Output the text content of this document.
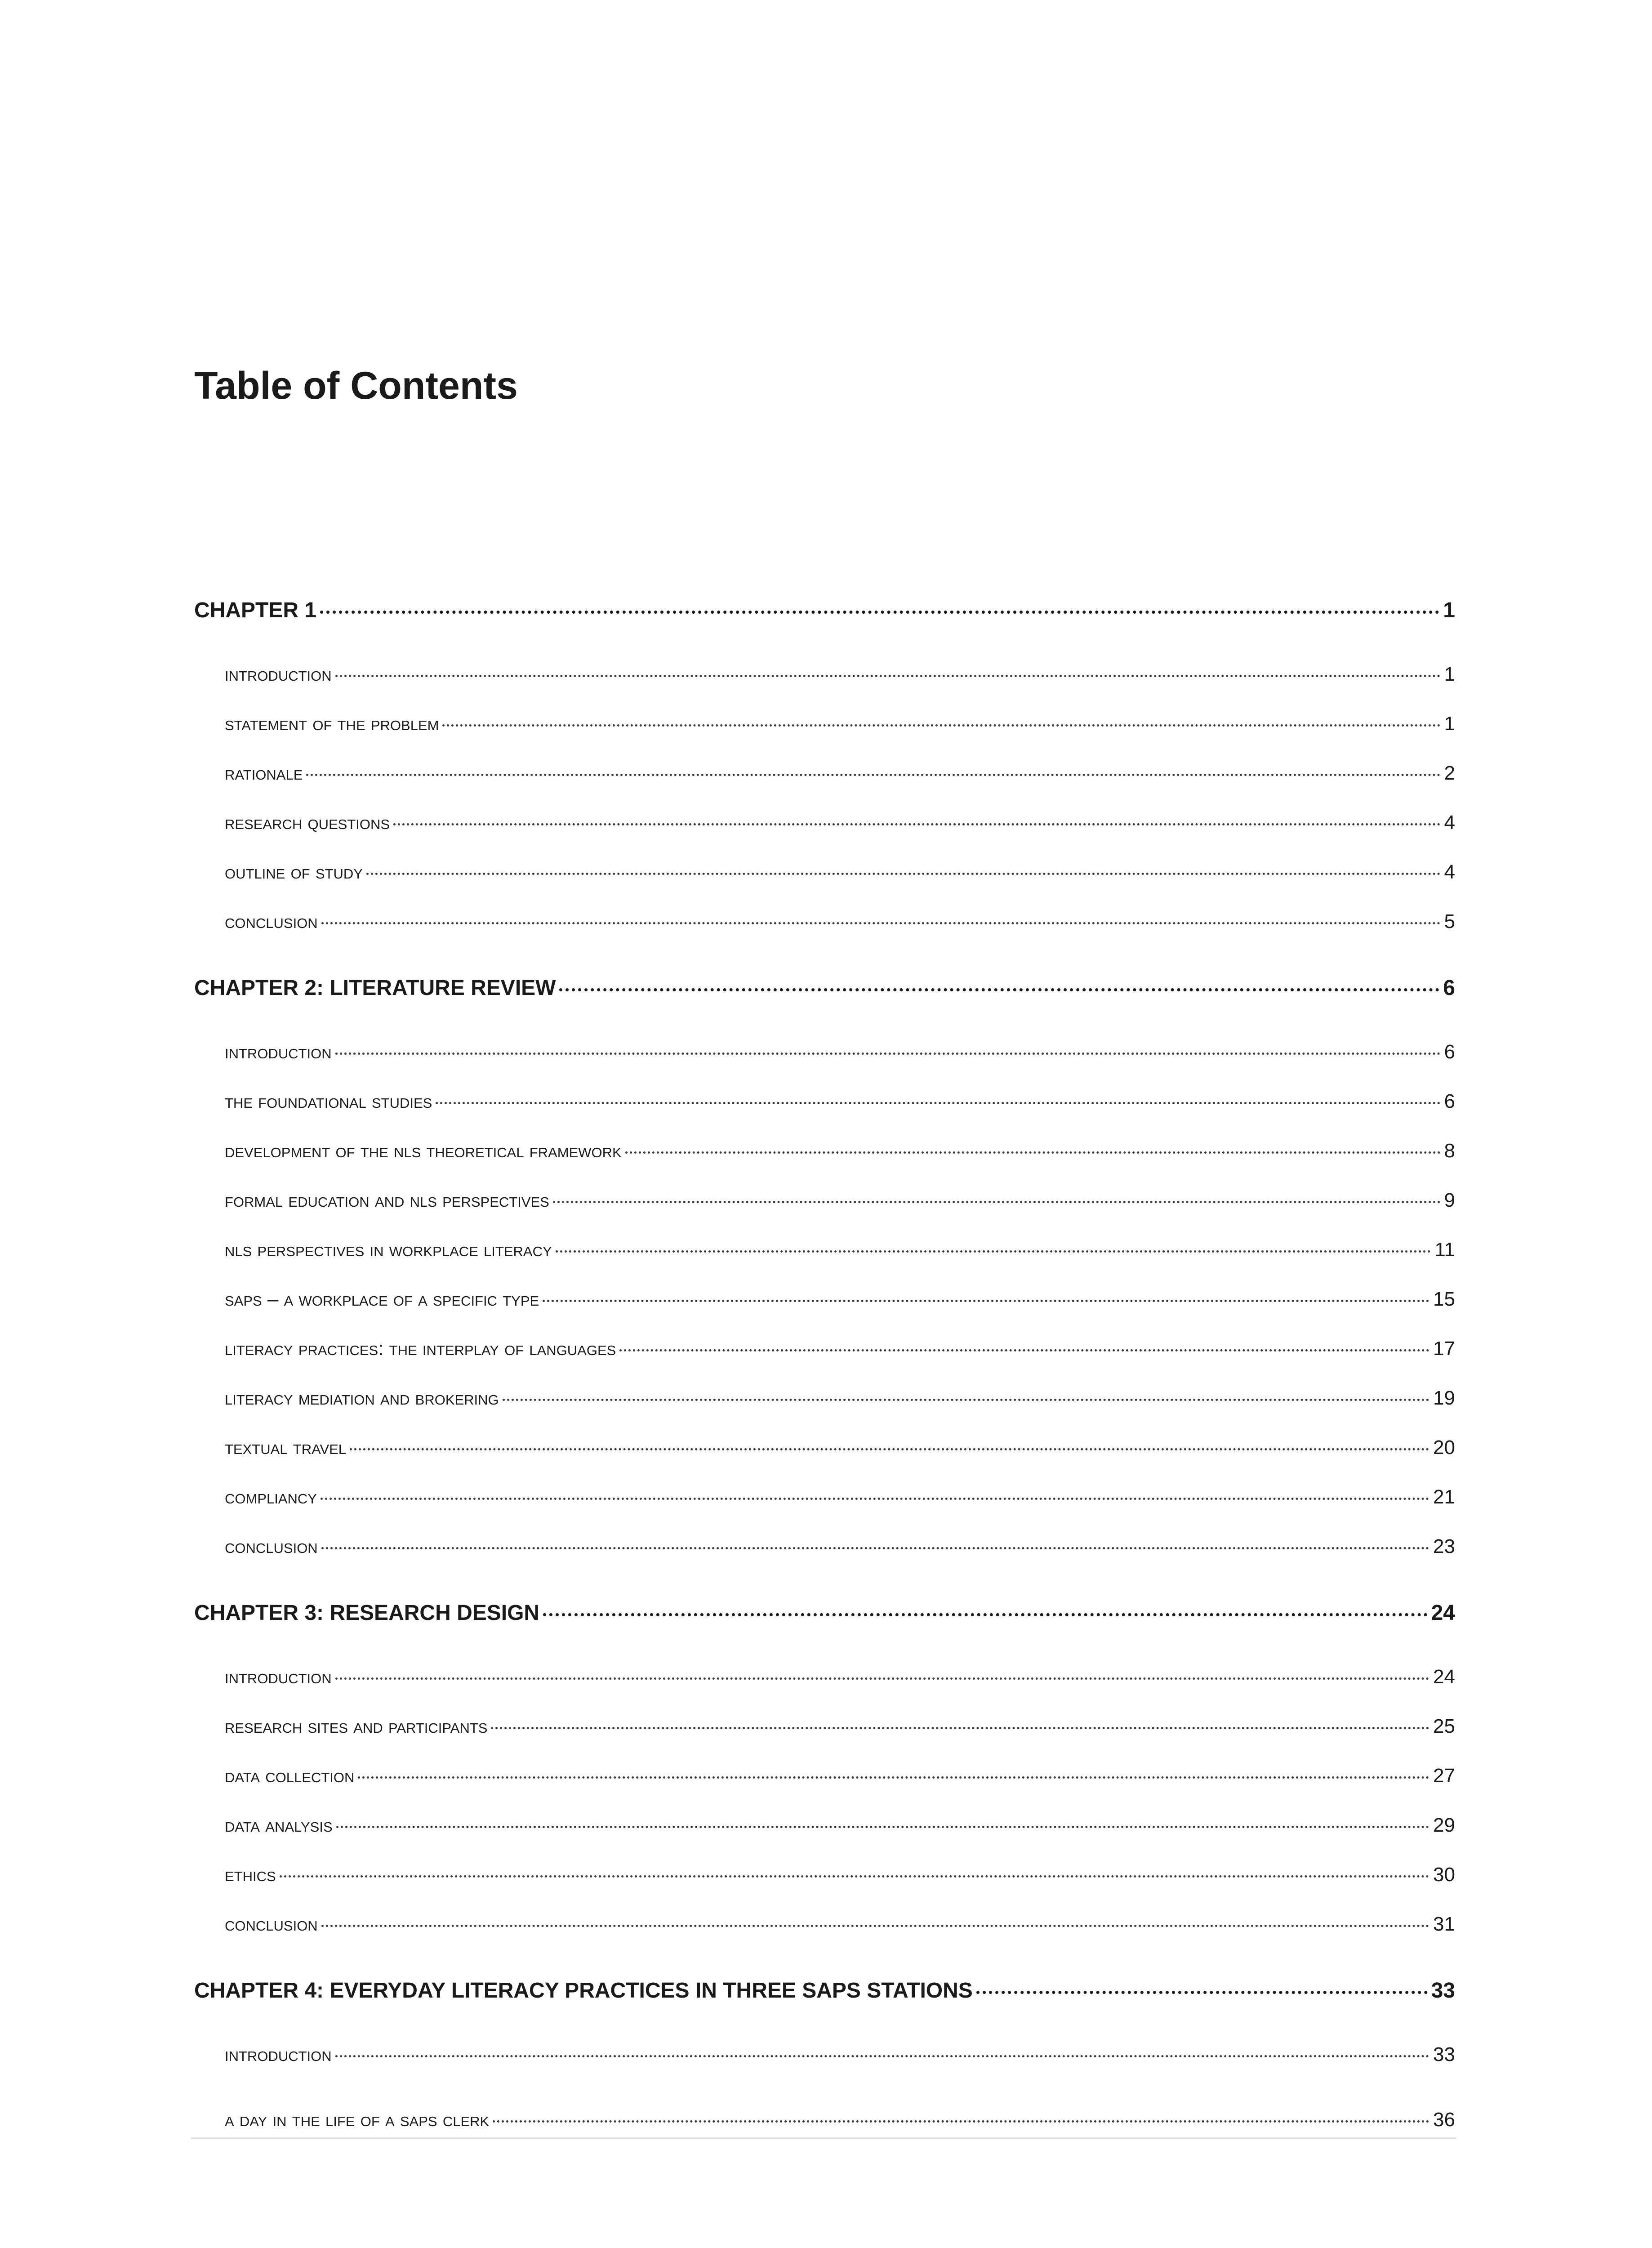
Table of Contents
CHAPTER 1	1
introduction	1
statement of the problem	1
rationale	2
research questions	4
outline of study	4
conclusion	5
CHAPTER 2: LITERATURE REVIEW	6
introduction	6
the foundational studies	6
development of the nls theoretical framework	8
formal education and nls perspectives	9
nls perspectives in workplace literacy	11
saps – a workplace of a specific type	15
literacy practices: the interplay of languages	17
literacy mediation and brokering	19
textual travel	20
compliancy	21
conclusion	23
CHAPTER 3: RESEARCH DESIGN	24
introduction	24
research sites and participants	25
data collection	27
data analysis	29
ethics	30
conclusion	31
CHAPTER 4: EVERYDAY LITERACY PRACTICES IN THREE SAPS STATIONS	33
introduction	33
a day in the life of a saps clerk	36
